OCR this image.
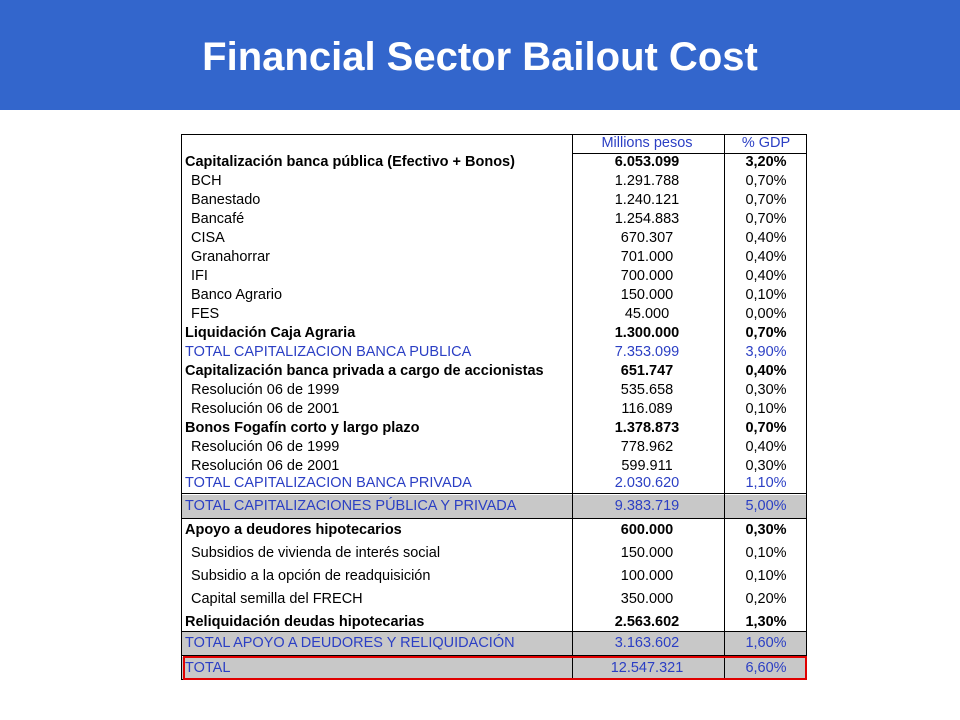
Financial Sector Bailout Cost
Millions pesos	% GDP
Capitalización banca pública (Efectivo + Bonos)	6.053.099	3,20%
BCH	1.291.788	0,70%
Banestado	1.240.121	0,70%
Bancafé	1.254.883	0,70%
CISA	670.307	0,40%
Granahorrar	701.000	0,40%
IFI	700.000	0,40%
Banco Agrario	150.000	0,10%
FES	45.000	0,00%
Liquidación Caja Agraria	1.300.000	0,70%
TOTAL CAPITALIZACION BANCA PUBLICA	7.353.099	3,90%
Capitalización banca privada a cargo de accionistas	651.747	0,40%
Resolución 06 de 1999	535.658	0,30%
Resolución 06 de 2001	116.089	0,10%
Bonos Fogafín corto y largo plazo	1.378.873	0,70%
Resolución 06 de 1999	778.962	0,40%
Resolución 06 de 2001	599.911	0,30%
TOTAL CAPITALIZACION BANCA PRIVADA	2.030.620	1,10%
TOTAL CAPITALIZACIONES PÚBLICA Y PRIVADA	9.383.719	5,00%
Apoyo a deudores hipotecarios	600.000	0,30%
Subsidios de vivienda de interés social	150.000	0,10%
Subsidio a la opción de readquisición	100.000	0,10%
Capital semilla del FRECH	350.000	0,20%
Reliquidación deudas hipotecarias	2.563.602	1,30%
TOTAL APOYO A DEUDORES Y RELIQUIDACIÓN	3.163.602	1,60%
TOTAL	12.547.321	6,60%
